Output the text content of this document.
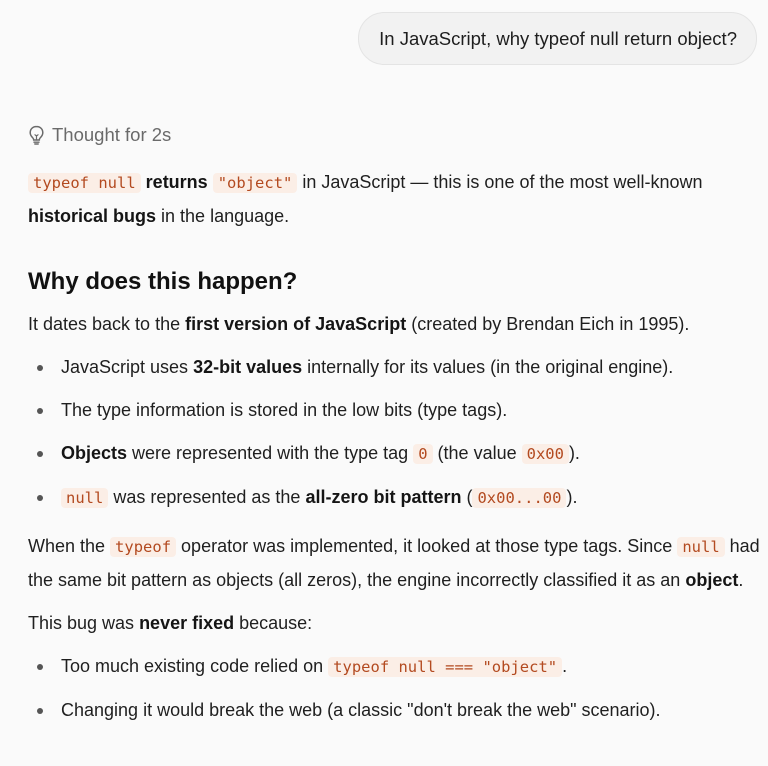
In JavaScript, why typeof null return object?
Thought for 2s

typeof null returns "object" in JavaScript — this is one of the most well-known historical bugs in the language.

Why does this happen?

It dates back to the first version of JavaScript (created by Brendan Eich in 1995).

JavaScript uses 32-bit values internally for its values (in the original engine).
The type information is stored in the low bits (type tags).
Objects were represented with the type tag 0 (the value 0x00 ).
null was represented as the all-zero bit pattern ( 0x00...00 ).

When the typeof operator was implemented, it looked at those type tags. Since null had the same bit pattern as objects (all zeros), the engine incorrectly classified it as an object.

This bug was never fixed because:

Too much existing code relied on typeof null === "object" .
Changing it would break the web (a classic "don't break the web" scenario).
